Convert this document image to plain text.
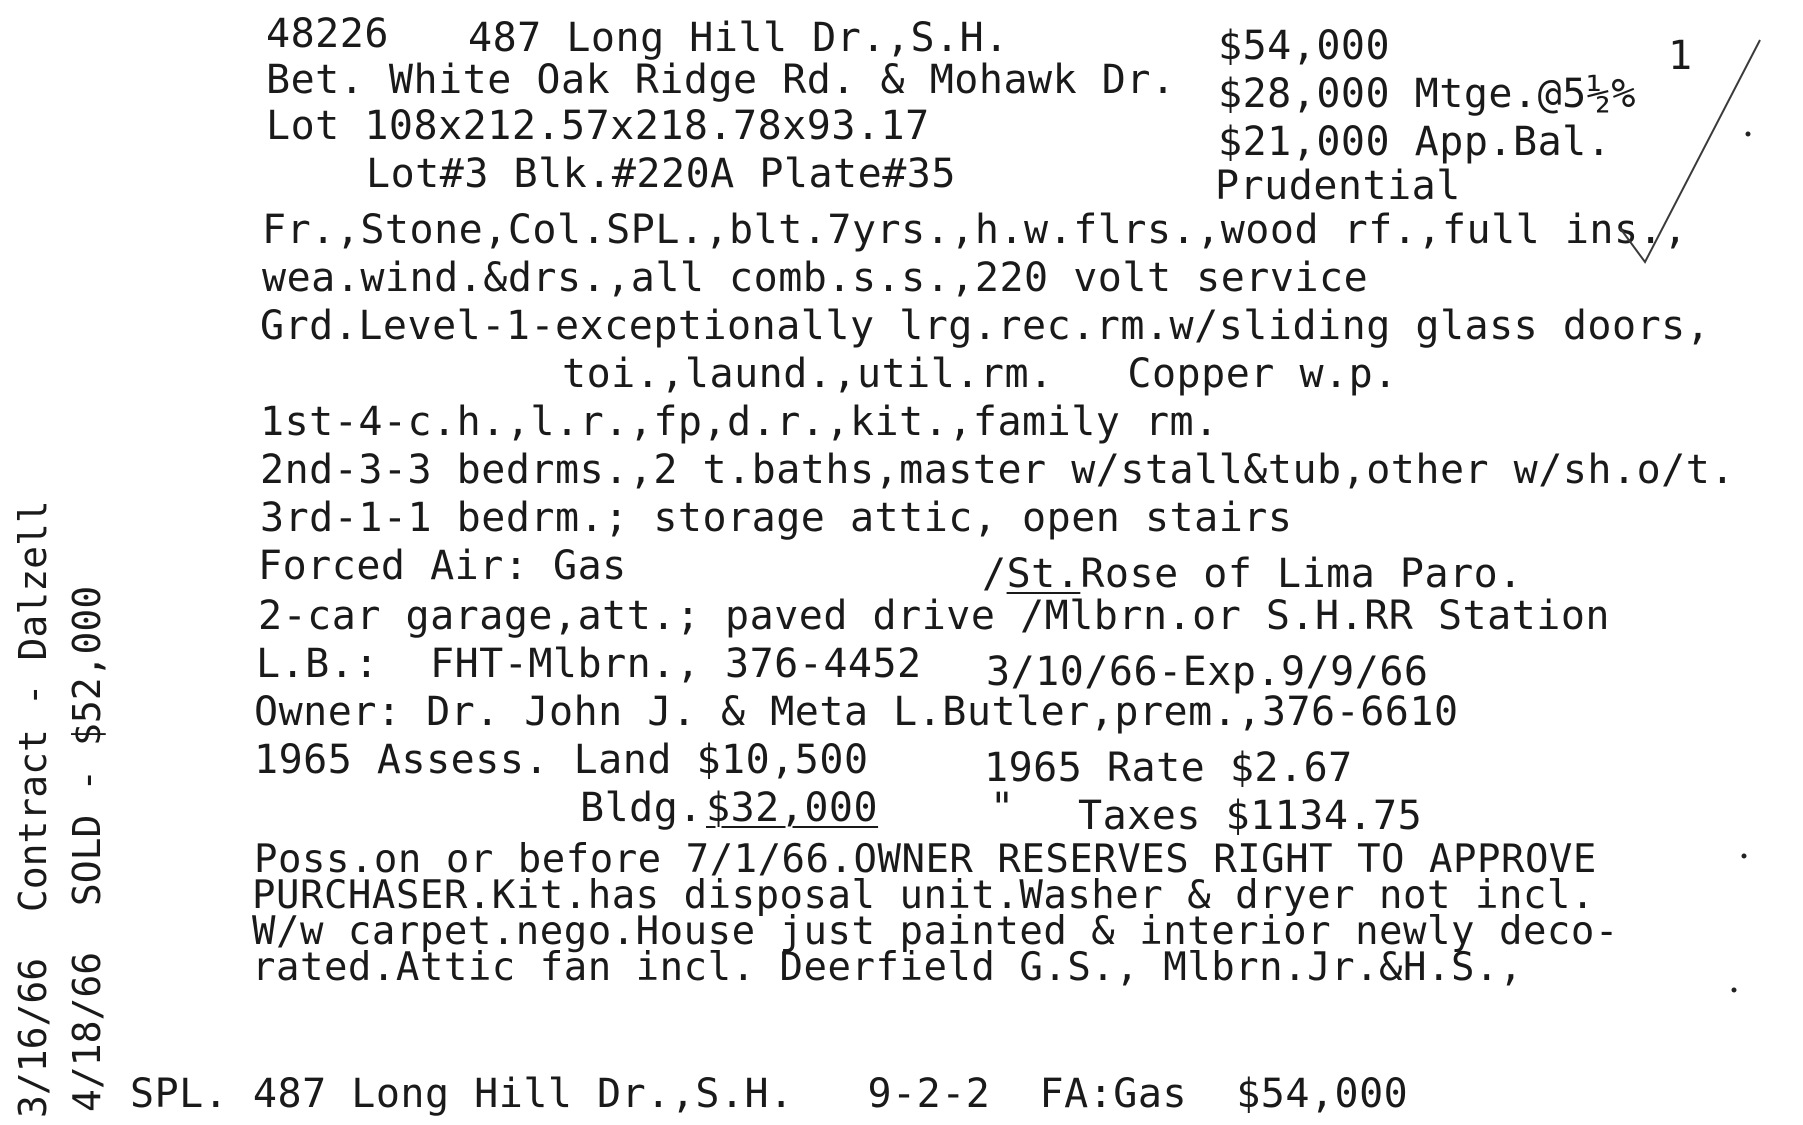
48226 487 Long Hill Dr.,S.H.	$54,000	1
Bet. White Oak Ridge Rd. & Mohawk Dr. $28,000 Mtge.@5½%
Lot 108x212.57x218.78x93.17	$21,000 App.Bal.
Lot#3 Blk.#220A Plate#35	Prudential
Fr.,Stone,Col.SPL.,blt.7yrs.,h.w.flrs.,wood rf.,full ins.,
wea.wind.&drs.,all comb.s.s.,220 volt service
Grd.Level-1-exceptionally lrg.rec.rm.w/sliding glass doors,
toi.,laund.,util.rm.   Copper w.p.
1st-4-c.h.,l.r.,fp,d.r.,kit.,family rm.
2nd-3-3 bedrms.,2 t.baths,master w/stall&tub,other w/sh.o/t.
3rd-1-1 bedrm.; storage attic, open stairs
Forced Air: Gas	/St.Rose of Lima Paro.
2-car garage,att.; paved drive /Mlbrn.or S.H.RR Station
L.B.: FHT-Mlbrn., 376-4452 3/10/66-Exp.9/9/66
Owner: Dr. John J. & Meta L.Butler,prem.,376-6610
1965 Assess. Land $10,500	1965 Rate $2.67
Bldg. $32,000	" Taxes $1134.75
Poss.on or before 7/1/66.OWNER RESERVES RIGHT TO APPROVE
PURCHASER.Kit.has disposal unit.Washer & dryer not incl.
W/w carpet.nego.House just painted & interior newly deco-
rated.Attic fan incl. Deerfield G.S., Mlbrn.Jr.&H.S.,
SPL. 487 Long Hill Dr.,S.H.   9-2-2  FA:Gas  $54,000
3/16/66  Contract - Dalzell 4/18/66  SOLD - $52,000
